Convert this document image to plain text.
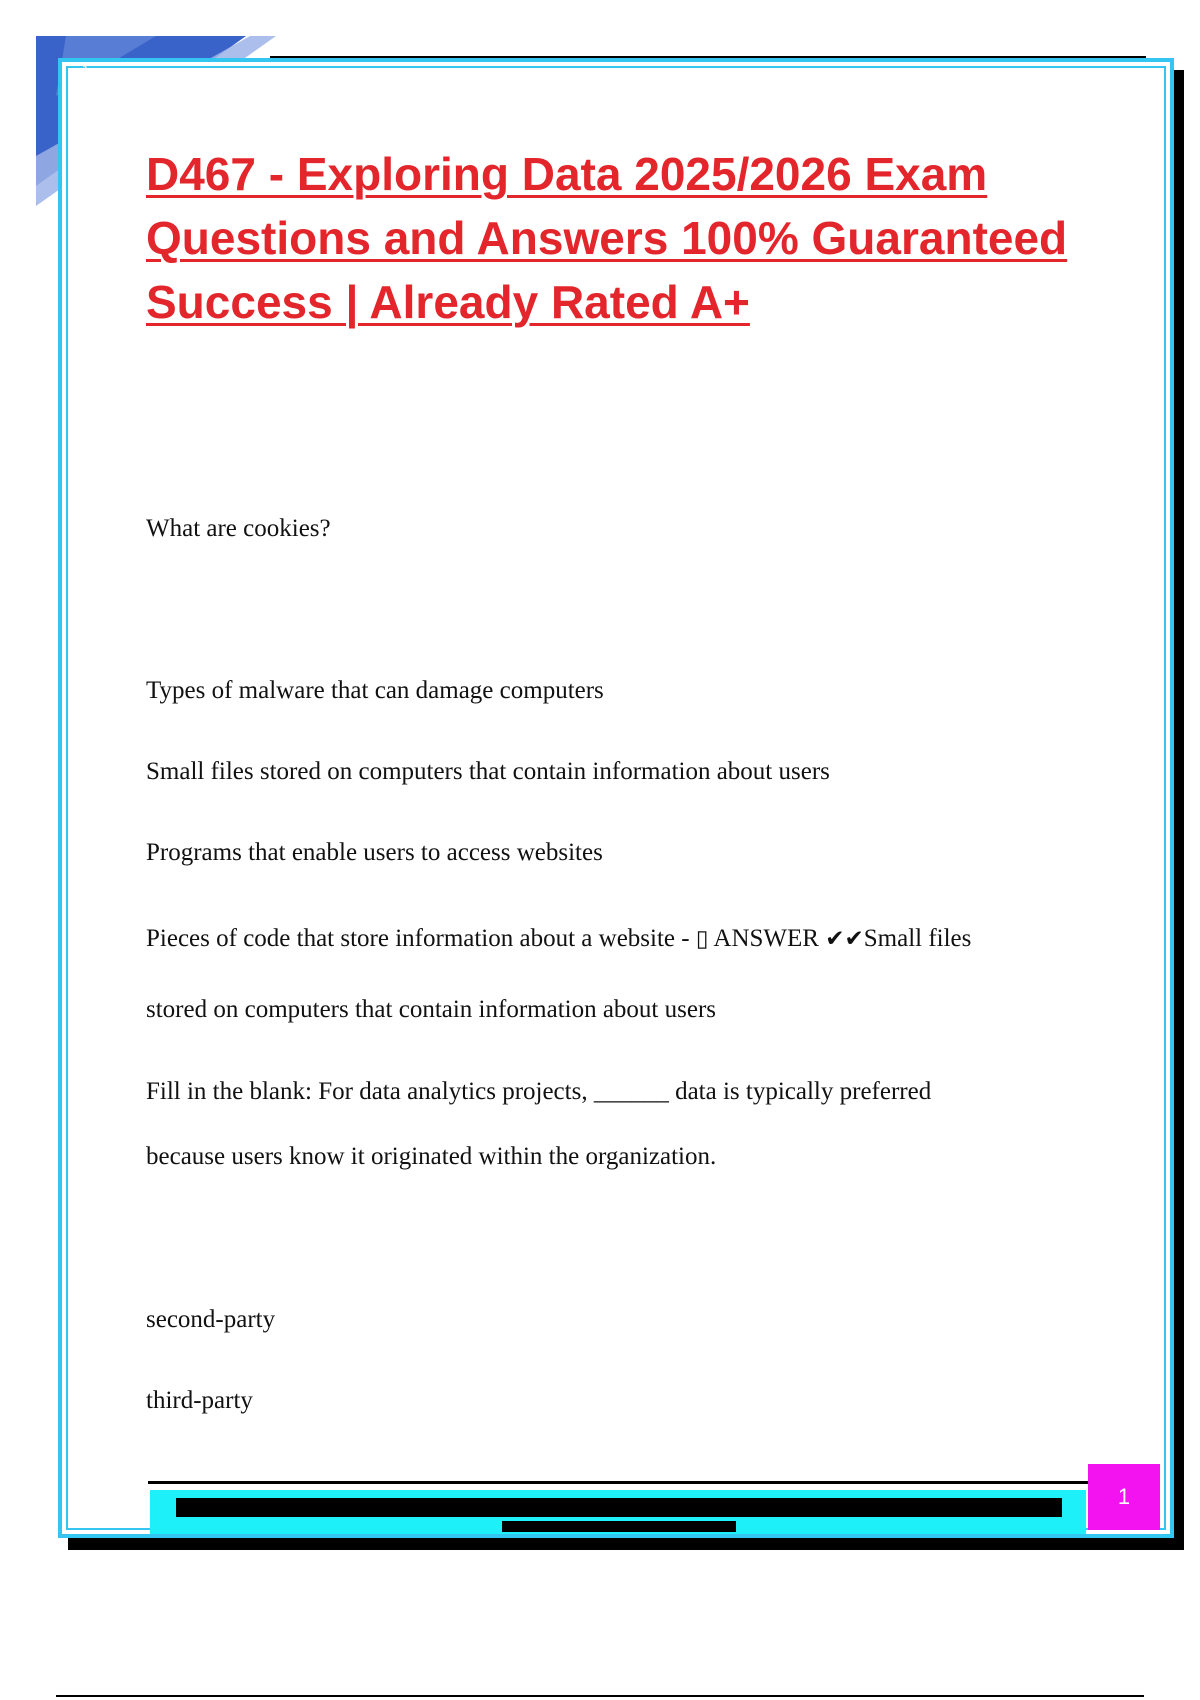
1
D467 - Exploring Data 2025/2026 Exam Questions and Answers 100% Guaranteed Success | Already Rated A+

What are cookies?

Types of malware that can damage computers

Small files stored on computers that contain information about users

Programs that enable users to access websites

Pieces of code that store information about a website - ▯ ANSWER ✔✔Small files

stored on computers that contain information about users

Fill in the blank: For data analytics projects, ______ data is typically preferred

because users know it originated within the organization.

second-party

third-party

1
